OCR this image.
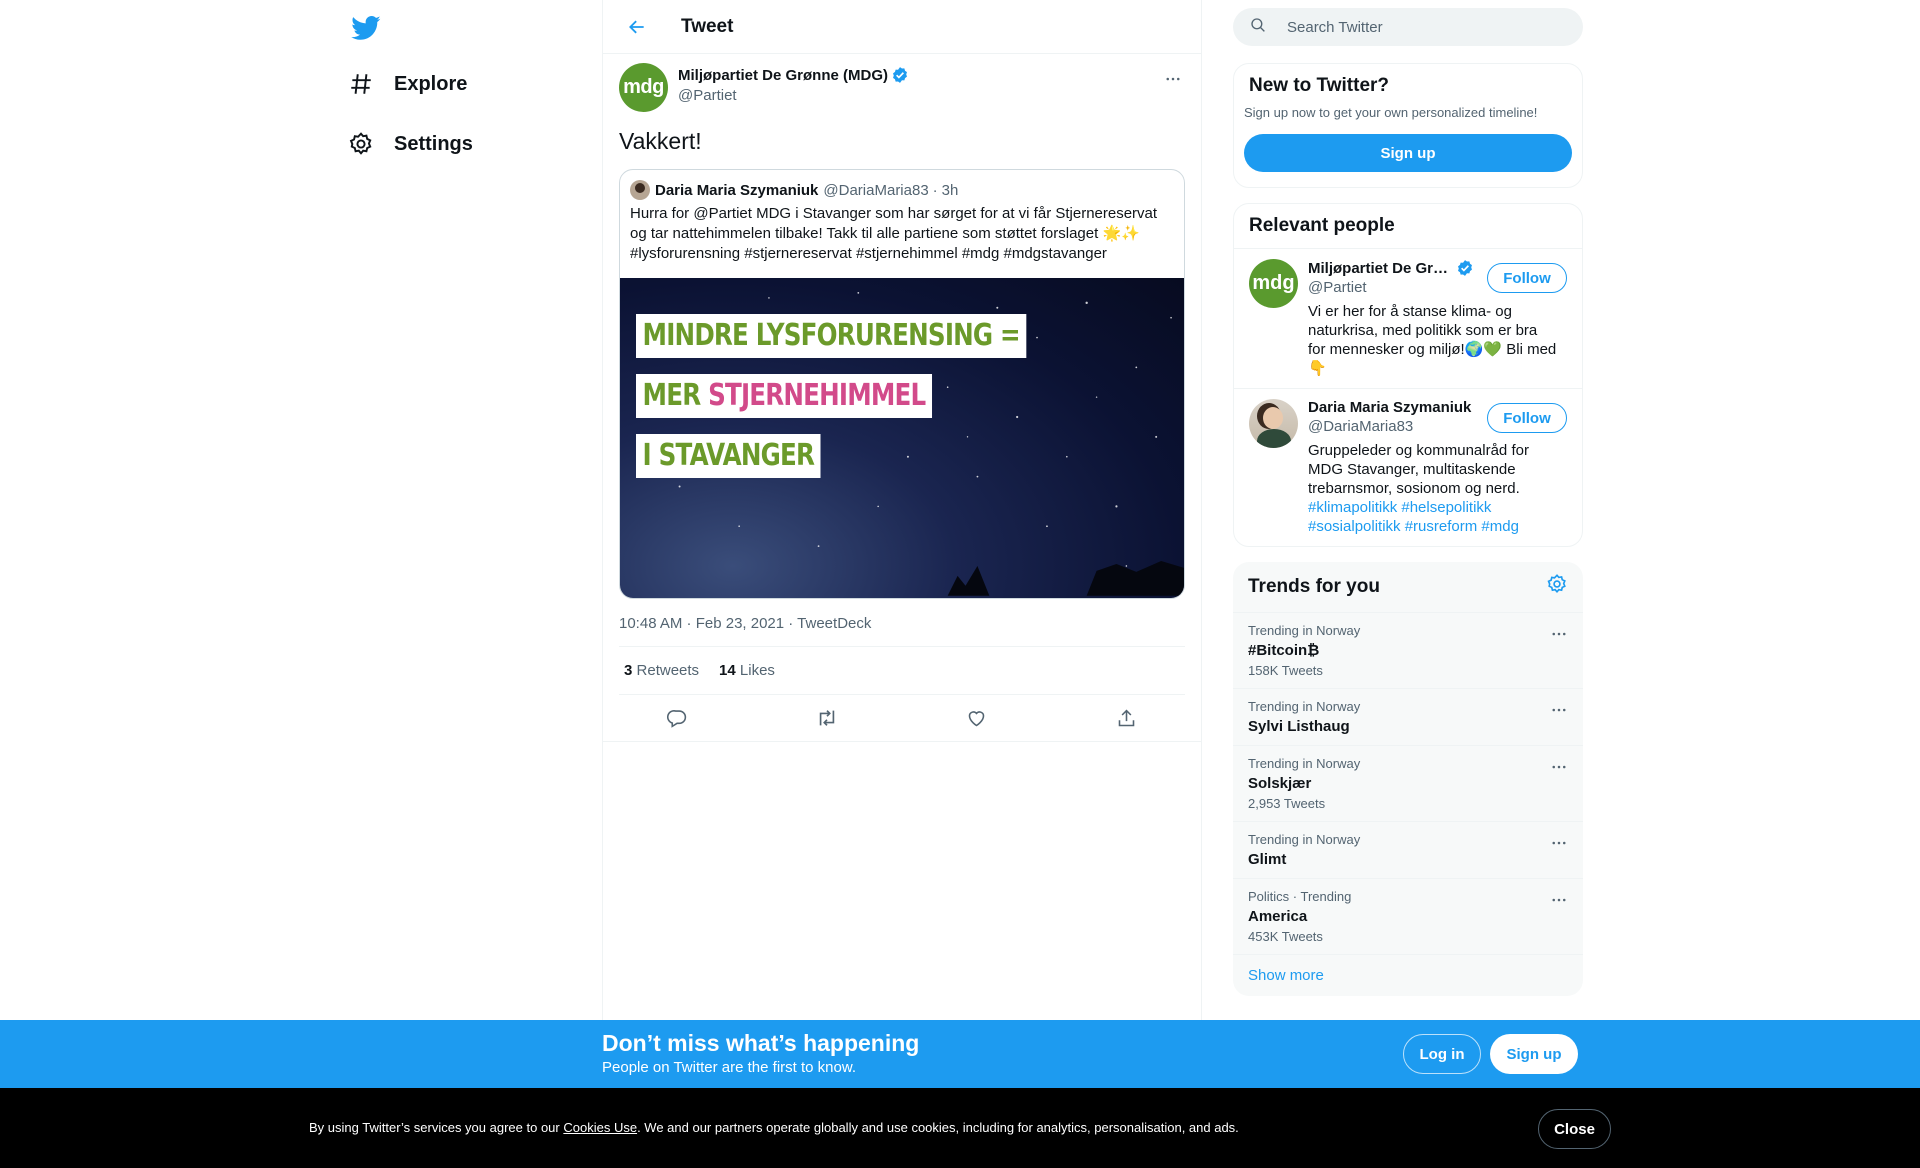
Explore
Settings
Tweet
mdg
Miljøpartiet De Grønne (MDG)
@Partiet
Vakkert!
Daria Maria Szymaniuk @DariaMaria83 · 3h
Hurra for @Partiet MDG i Stavanger som har sørget for at vi får Stjernereservat og tar nattehimmelen tilbake! Takk til alle partiene som støttet forslaget 🌟✨ #lysforurensning #stjernereservat #stjernehimmel #mdg #mdgstavanger
MINDRE LYSFORURENSING =
MER STJERNEHIMMEL
I STAVANGER
10:48 AM · Feb 23, 2021 · TweetDeck
3 Retweets 14 Likes
Search Twitter
New to Twitter?
Sign up now to get your own personalized timeline!
Sign up
Relevant people
mdg
Miljøpartiet De Gr…
@Partiet
Vi er her for å stanse klima- og naturkrisa, med politikk som er bra for mennesker og miljø!🌍💚 Bli med👇
Follow
Daria Maria Szymaniuk
@DariaMaria83
Gruppeleder og kommunalråd for MDG Stavanger, multitaskende trebarnsmor, sosionom og nerd. #klimapolitikk #helsepolitikk #sosialpolitikk #rusreform #mdg
Follow
Trends for you
Trending in Norway
#Bitcoin₿
158K Tweets
Trending in Norway
Sylvi Listhaug
Trending in Norway
Solskjær
2,953 Tweets
Trending in Norway
Glimt
Politics · Trending
America
453K Tweets
Show more
Don’t miss what’s happening
People on Twitter are the first to know.
Log in	Sign up
By using Twitter’s services you agree to our Cookies Use. We and our partners operate globally and use cookies, including for analytics, personalisation, and ads.	Close
